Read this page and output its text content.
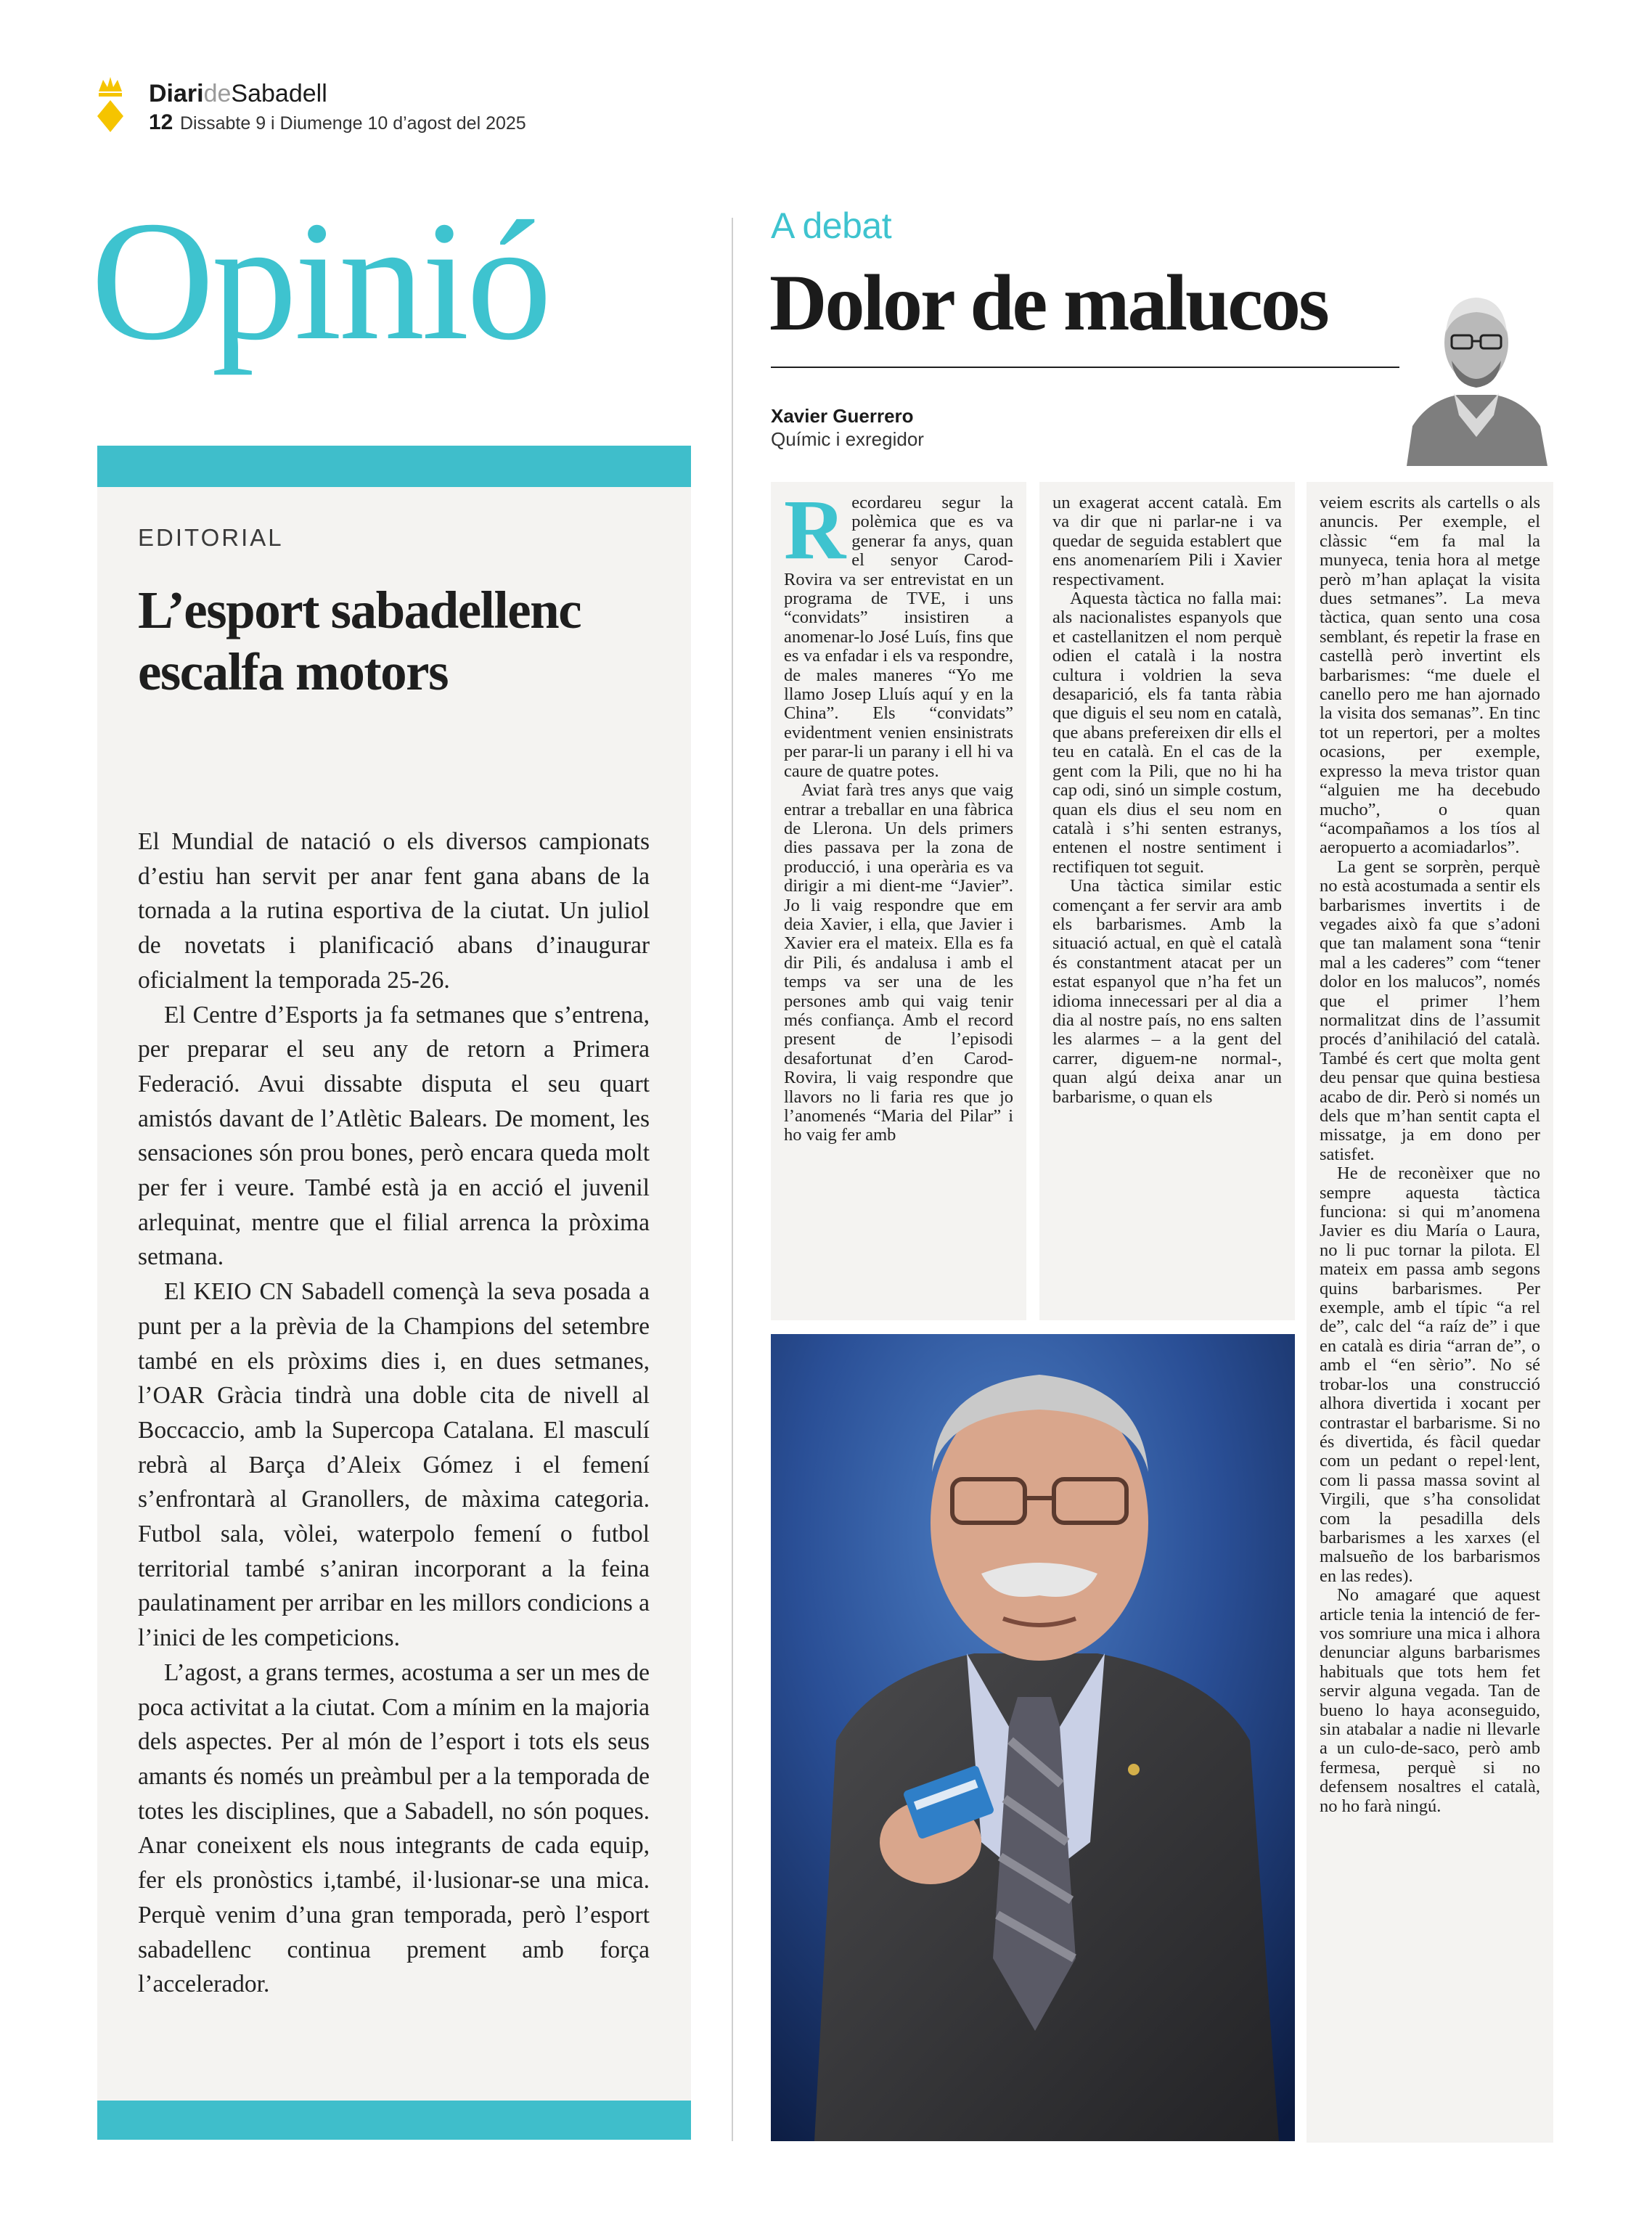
DiarideSabadell
12 Dissabte 9 i Diumenge 10 d’agost del 2025
Opinió
EDITORIAL
L’esport sabadellenc escalfa motors

El Mundial de natació o els diversos campionats d’estiu han servit per anar fent gana abans de la tornada a la rutina esportiva de la ciutat. Un juliol de novetats i planificació abans d’inaugurar oficialment la temporada 25-26.

El Centre d’Esports ja fa setmanes que s’entrena, per preparar el seu any de retorn a Primera Federació. Avui dissabte disputa el seu quart amistós davant de l’Atlètic Balears. De moment, les sensaciones són prou bones, però encara queda molt per fer i veure. També està ja en acció el juvenil arlequinat, mentre que el filial arrenca la pròxima setmana.

El KEIO CN Sabadell començà la seva posada a punt per a la prèvia de la Champions del setembre també en els pròxims dies i, en dues setmanes, l’OAR Gràcia tindrà una doble cita de nivell al Boccaccio, amb la Supercopa Catalana. El masculí rebrà al Barça d’Aleix Gómez i el femení s’enfrontarà al Granollers, de màxima categoria. Futbol sala, vòlei, waterpolo femení o futbol territorial també s’aniran incorporant a la feina paulatinament per arribar en les millors condicions a l’inici de les competicions.

L’agost, a grans termes, acostuma a ser un mes de poca activitat a la ciutat. Com a mínim en la majoria dels aspectes. Per al món de l’esport i tots els seus amants és només un preàmbul per a la temporada de totes les disciplines, que a Sabadell, no són poques. Anar coneixent els nous integrants de cada equip, fer els pronòstics i,també, il·lusionar-se una mica. Perquè venim d’una gran temporada, però l’esport sabadellenc continua prement amb força l’accelerador.

A debat
Dolor de malucos
Xavier Guerrero
Químic i exregidor

Recordareu segur la polèmica que es va generar fa anys, quan el senyor Carod-Rovira va ser entrevistat en un programa de TVE, i uns “convidats” insistiren a anomenar-lo José Luís, fins que es va enfadar i els va respondre, de males maneres “Yo me llamo Josep Lluís aquí y en la China”. Els “convidats” evidentment venien ensinistrats per parar-li un parany i ell hi va caure de quatre potes.

Aviat farà tres anys que vaig entrar a treballar en una fàbrica de Llerona. Un dels primers dies passava per la zona de producció, i una operària es va dirigir a mi dient-me “Javier”. Jo li vaig respondre que em deia Xavier, i ella, que Javier i Xavier era el mateix. Ella es fa dir Pili, és andalusa i amb el temps va ser una de les persones amb qui vaig tenir més confiança. Amb el record present de l’episodi desafortunat d’en Carod-Rovira, li vaig respondre que llavors no li faria res que jo l’anomenés “Maria del Pilar” i ho vaig fer amb

un exagerat accent català. Em va dir que ni parlar-ne i va quedar de seguida establert que ens anomenaríem Pili i Xavier respectivament.

Aquesta tàctica no falla mai: als nacionalistes espanyols que et castellanitzen el nom perquè odien el català i la nostra cultura i voldrien la seva desaparició, els fa tanta ràbia que diguis el seu nom en català, que abans prefereixen dir ells el teu en català. En el cas de la gent com la Pili, que no hi ha cap odi, sinó un simple costum, quan els dius el seu nom en català i s’hi senten estranys, entenen el nostre sentiment i rectifiquen tot seguit.

Una tàctica similar estic començant a fer servir ara amb els barbarismes. Amb la situació actual, en què el català és constantment atacat per un estat espanyol que n’ha fet un idioma innecessari per al dia a dia al nostre país, no ens salten les alarmes – a la gent del carrer, diguem-ne normal-, quan algú deixa anar un barbarisme, o quan els

veiem escrits als cartells o als anuncis. Per exemple, el clàssic “em fa mal la munyeca, tenia hora al metge però m’han aplaçat la visita dues setmanes”. La meva tàctica, quan sento una cosa semblant, és repetir la frase en castellà però invertint els barbarismes: “me duele el canello pero me han ajornado la visita dos semanas”. En tinc tot un repertori, per a moltes ocasions, per exemple, expresso la meva tristor quan “alguien me ha decebudo mucho”, o quan “acompañamos a los tíos al aeropuerto a acomiadarlos”.

La gent se sorprèn, perquè no està acostumada a sentir els barbarismes invertits i de vegades això fa que s’adoni que tan malament sona “tenir mal a les caderes” com “tener dolor en los malucos”, només que el primer l’hem normalitzat dins de l’assumit procés d’anihilació del català. També és cert que molta gent deu pensar que quina bestiesa acabo de dir. Però si només un dels que m’han sentit capta el missatge, ja em dono per satisfet.

He de reconèixer que no sempre aquesta tàctica funciona: si qui m’anomena Javier es diu María o Laura, no li puc tornar la pilota. El mateix em passa amb segons quins barbarismes. Per exemple, amb el típic “a rel de”, calc del “a raíz de” i que en català es diria “arran de”, o amb el “en sèrio”. No sé trobar-los una construcció alhora divertida i xocant per contrastar el barbarisme. Si no és divertida, és fàcil quedar com un pedant o repel·lent, com li passa massa sovint al Virgili, que s’ha consolidat com la pesadilla dels barbarismes a les xarxes (el malsueño de los barbarismos en las redes).

No amagaré que aquest article tenia la intenció de fer-vos somriure una mica i alhora denunciar alguns barbarismes habituals que tots hem fet servir alguna vegada. Tan de bueno lo haya aconseguido, sin atabalar a nadie ni llevarle a un culo-de-saco, però amb fermesa, perquè si no defensem nosaltres el català, no ho farà ningú.
